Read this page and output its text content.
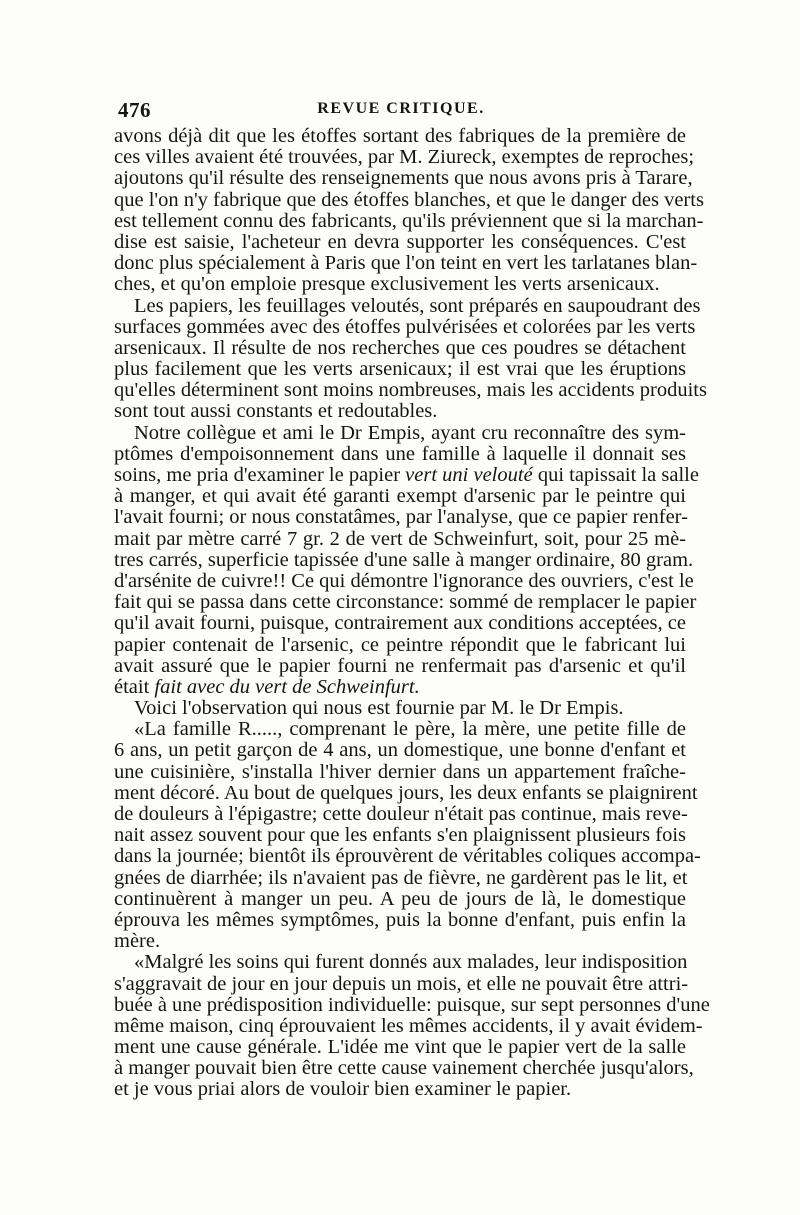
476	REVUE CRITIQUE.
avons déjà dit que les étoffes sortant des fabriques de la première de
ces villes avaient été trouvées, par M. Ziureck, exemptes de reproches;
ajoutons qu'il résulte des renseignements que nous avons pris à Tarare,
que l'on n'y fabrique que des étoffes blanches, et que le danger des verts
est tellement connu des fabricants, qu'ils préviennent que si la marchan-
dise est saisie, l'acheteur en devra supporter les conséquences. C'est
donc plus spécialement à Paris que l'on teint en vert les tarlatanes blan-
ches, et qu'on emploie presque exclusivement les verts arsenicaux.
Les papiers, les feuillages veloutés, sont préparés en saupoudrant des
surfaces gommées avec des étoffes pulvérisées et colorées par les verts
arsenicaux. Il résulte de nos recherches que ces poudres se détachent
plus facilement que les verts arsenicaux; il est vrai que les éruptions
qu'elles déterminent sont moins nombreuses, mais les accidents produits
sont tout aussi constants et redoutables.
Notre collègue et ami le Dr Empis, ayant cru reconnaître des sym-
ptômes d'empoisonnement dans une famille à laquelle il donnait ses
soins, me pria d'examiner le papier vert uni velouté qui tapissait la salle
à manger, et qui avait été garanti exempt d'arsenic par le peintre qui
l'avait fourni; or nous constatâmes, par l'analyse, que ce papier renfer-
mait par mètre carré 7 gr. 2 de vert de Schweinfurt, soit, pour 25 mè-
tres carrés, superficie tapissée d'une salle à manger ordinaire, 80 gram.
d'arsénite de cuivre!! Ce qui démontre l'ignorance des ouvriers, c'est le
fait qui se passa dans cette circonstance: sommé de remplacer le papier
qu'il avait fourni, puisque, contrairement aux conditions acceptées, ce
papier contenait de l'arsenic, ce peintre répondit que le fabricant lui
avait assuré que le papier fourni ne renfermait pas d'arsenic et qu'il
était fait avec du vert de Schweinfurt.
Voici l'observation qui nous est fournie par M. le Dr Empis.
«La famille R....., comprenant le père, la mère, une petite fille de
6 ans, un petit garçon de 4 ans, un domestique, une bonne d'enfant et
une cuisinière, s'installa l'hiver dernier dans un appartement fraîche-
ment décoré. Au bout de quelques jours, les deux enfants se plaignirent
de douleurs à l'épigastre; cette douleur n'était pas continue, mais reve-
nait assez souvent pour que les enfants s'en plaignissent plusieurs fois
dans la journée; bientôt ils éprouvèrent de véritables coliques accompa-
gnées de diarrhée; ils n'avaient pas de fièvre, ne gardèrent pas le lit, et
continuèrent à manger un peu. A peu de jours de là, le domestique
éprouva les mêmes symptômes, puis la bonne d'enfant, puis enfin la
mère.
«Malgré les soins qui furent donnés aux malades, leur indisposition
s'aggravait de jour en jour depuis un mois, et elle ne pouvait être attri-
buée à une prédisposition individuelle: puisque, sur sept personnes d'une
même maison, cinq éprouvaient les mêmes accidents, il y avait évidem-
ment une cause générale. L'idée me vint que le papier vert de la salle
à manger pouvait bien être cette cause vainement cherchée jusqu'alors,
et je vous priai alors de vouloir bien examiner le papier.
